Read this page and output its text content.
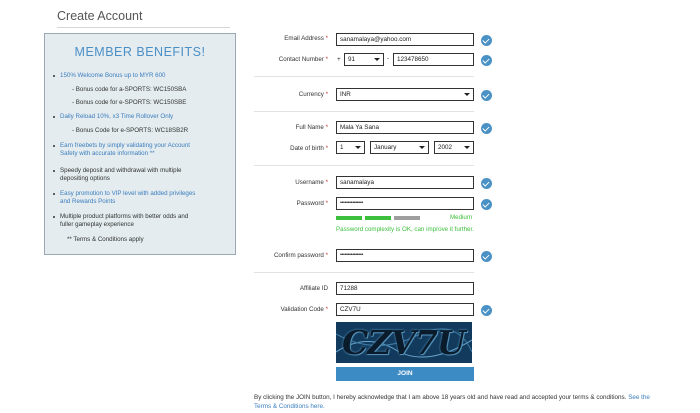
Create Account
MEMBER BENEFITS!
150% Welcome Bonus up to MYR 600
- Bonus code for a-SPORTS: WC150SBA
- Bonus code for e-SPORTS: WC150SBE
Daily Reload 10%, x3 Time Rollover Only
- Bonus Code for e-SPORTS: WC18SB2R
Earn freebets by simply validating your Account
Safety with accurate information **
Speedy deposit and withdrawal with multiple
depositing options
Easy promotion to VIP level with added privileges
and Rewards Points
Multiple product platforms with better odds and
fuller gameplay experience
** Terms & Conditions apply
Email Address *	sanamalaya@yahoo.com
Contact Number * +	91	-	123478650
Currency *	INR
Full Name *	Mala Ya Sana
Date of birth *	1	January	2002
Username *	sanamalaya
Password *	•••••••••••••••
Medium
Password complexity is OK, can improve it further.
Confirm password *	•••••••••••••••
Affiliate ID	71288
Validation Code *	CZV7U
CZV7U
JOIN
By clicking the JOIN button, I hereby acknowledge that I am above 18 years old and have read and accepted your terms & conditions. See the Terms & Conditions here.
